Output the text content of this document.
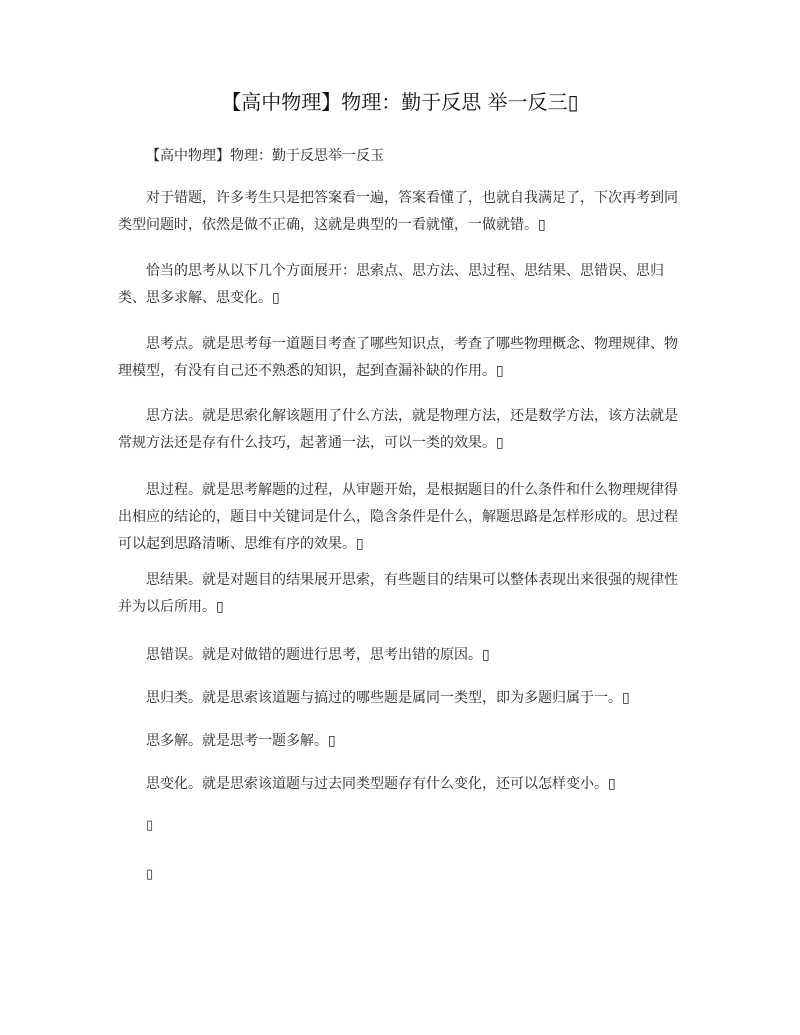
【高中物理】物理：勤于反思 举一反三▯
【高中物理】物理：勤于反思举一反玉
对于错题，许多考生只是把答案看一遍，答案看懂了，也就自我满足了，下次再考到同类型问题时，依然是做不正确，这就是典型的一看就懂，一做就错。▯
恰当的思考从以下几个方面展开：思索点、思方法、思过程、思结果、思错误、思归类、思多求解、思变化。▯
思考点。就是思考每一道题目考查了哪些知识点，考查了哪些物理概念、物理规律、物理模型，有没有自己还不熟悉的知识，起到查漏补缺的作用。▯
思方法。就是思索化解该题用了什么方法，就是物理方法，还是数学方法，该方法就是常规方法还是存有什么技巧，起著通一法，可以一类的效果。▯
思过程。就是思考解题的过程，从审题开始，是根据题目的什么条件和什么物理规律得出相应的结论的，题目中关键词是什么，隐含条件是什么，解题思路是怎样形成的。思过程可以起到思路清晰、思维有序的效果。▯
思结果。就是对题目的结果展开思索，有些题目的结果可以整体表现出来很强的规律性并为以后所用。▯
思错误。就是对做错的题进行思考，思考出错的原因。▯
思归类。就是思索该道题与搞过的哪些题是属同一类型，即为多题归属于一。▯
思多解。就是思考一题多解。▯
思变化。就是思索该道题与过去同类型题存有什么变化，还可以怎样变小。▯
▯
▯
